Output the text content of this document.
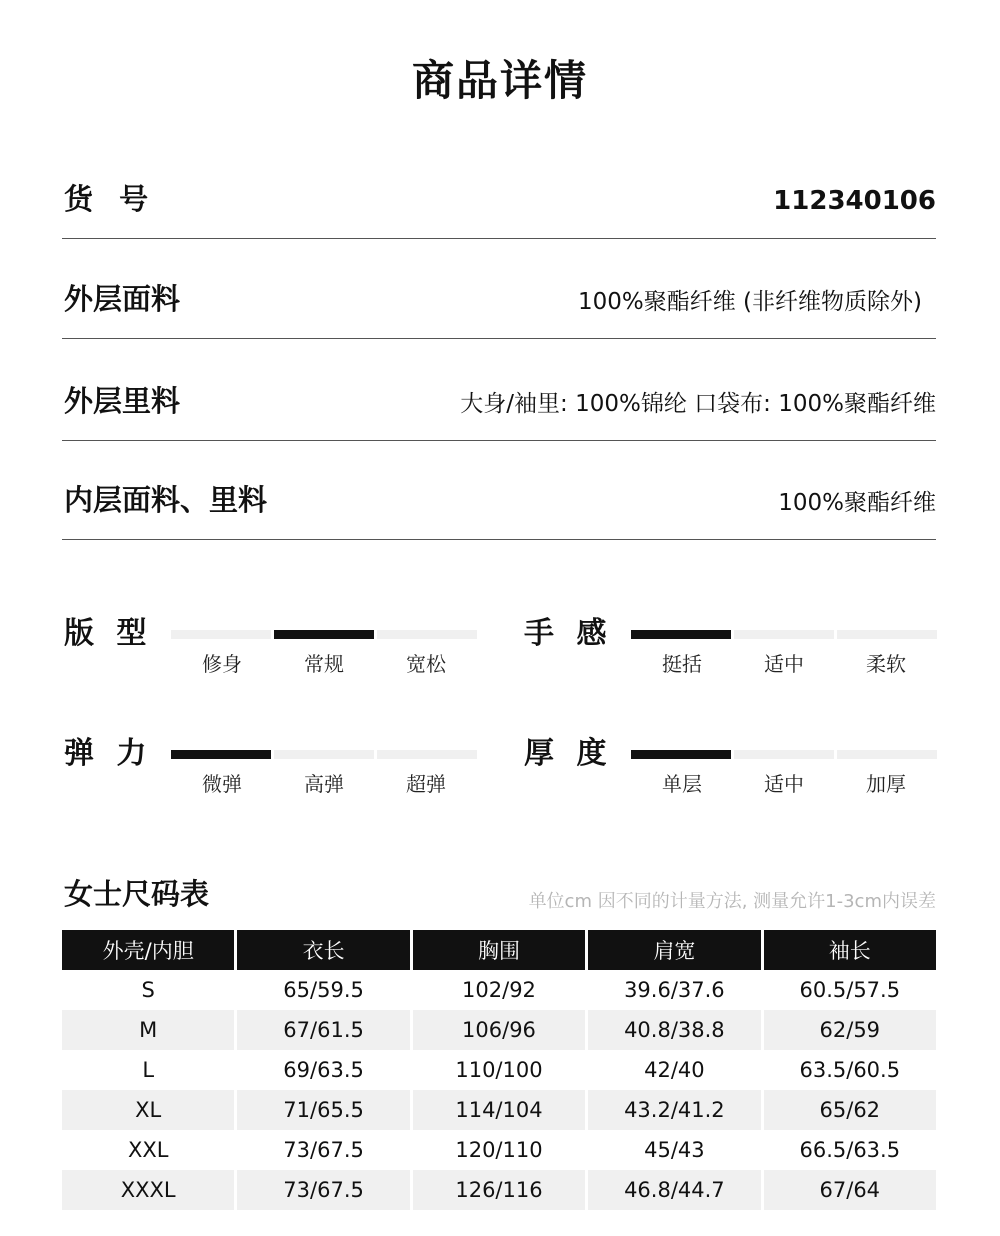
商品详情
货 号	112340106
外层面料	100%聚酯纤维 (非纤维物质除外)
外层里料	大身/袖里: 100%锦纶 口袋布: 100%聚酯纤维
内层面料、里料	100%聚酯纤维
版 型
修身	常规	宽松
手 感
挺括	适中	柔软
弹 力
微弹	高弹	超弹
厚 度
单层	适中	加厚
女士尺码表	单位cm 因不同的计量方法, 测量允许1-3cm内误差
外壳/内胆	衣长	胸围	肩宽	袖长
S	65/59.5	102/92	39.6/37.6	60.5/57.5
M	67/61.5	106/96	40.8/38.8	62/59
L	69/63.5	110/100	42/40	63.5/60.5
XL	71/65.5	114/104	43.2/41.2	65/62
XXL	73/67.5	120/110	45/43	66.5/63.5
XXXL	73/67.5	126/116	46.8/44.7	67/64
